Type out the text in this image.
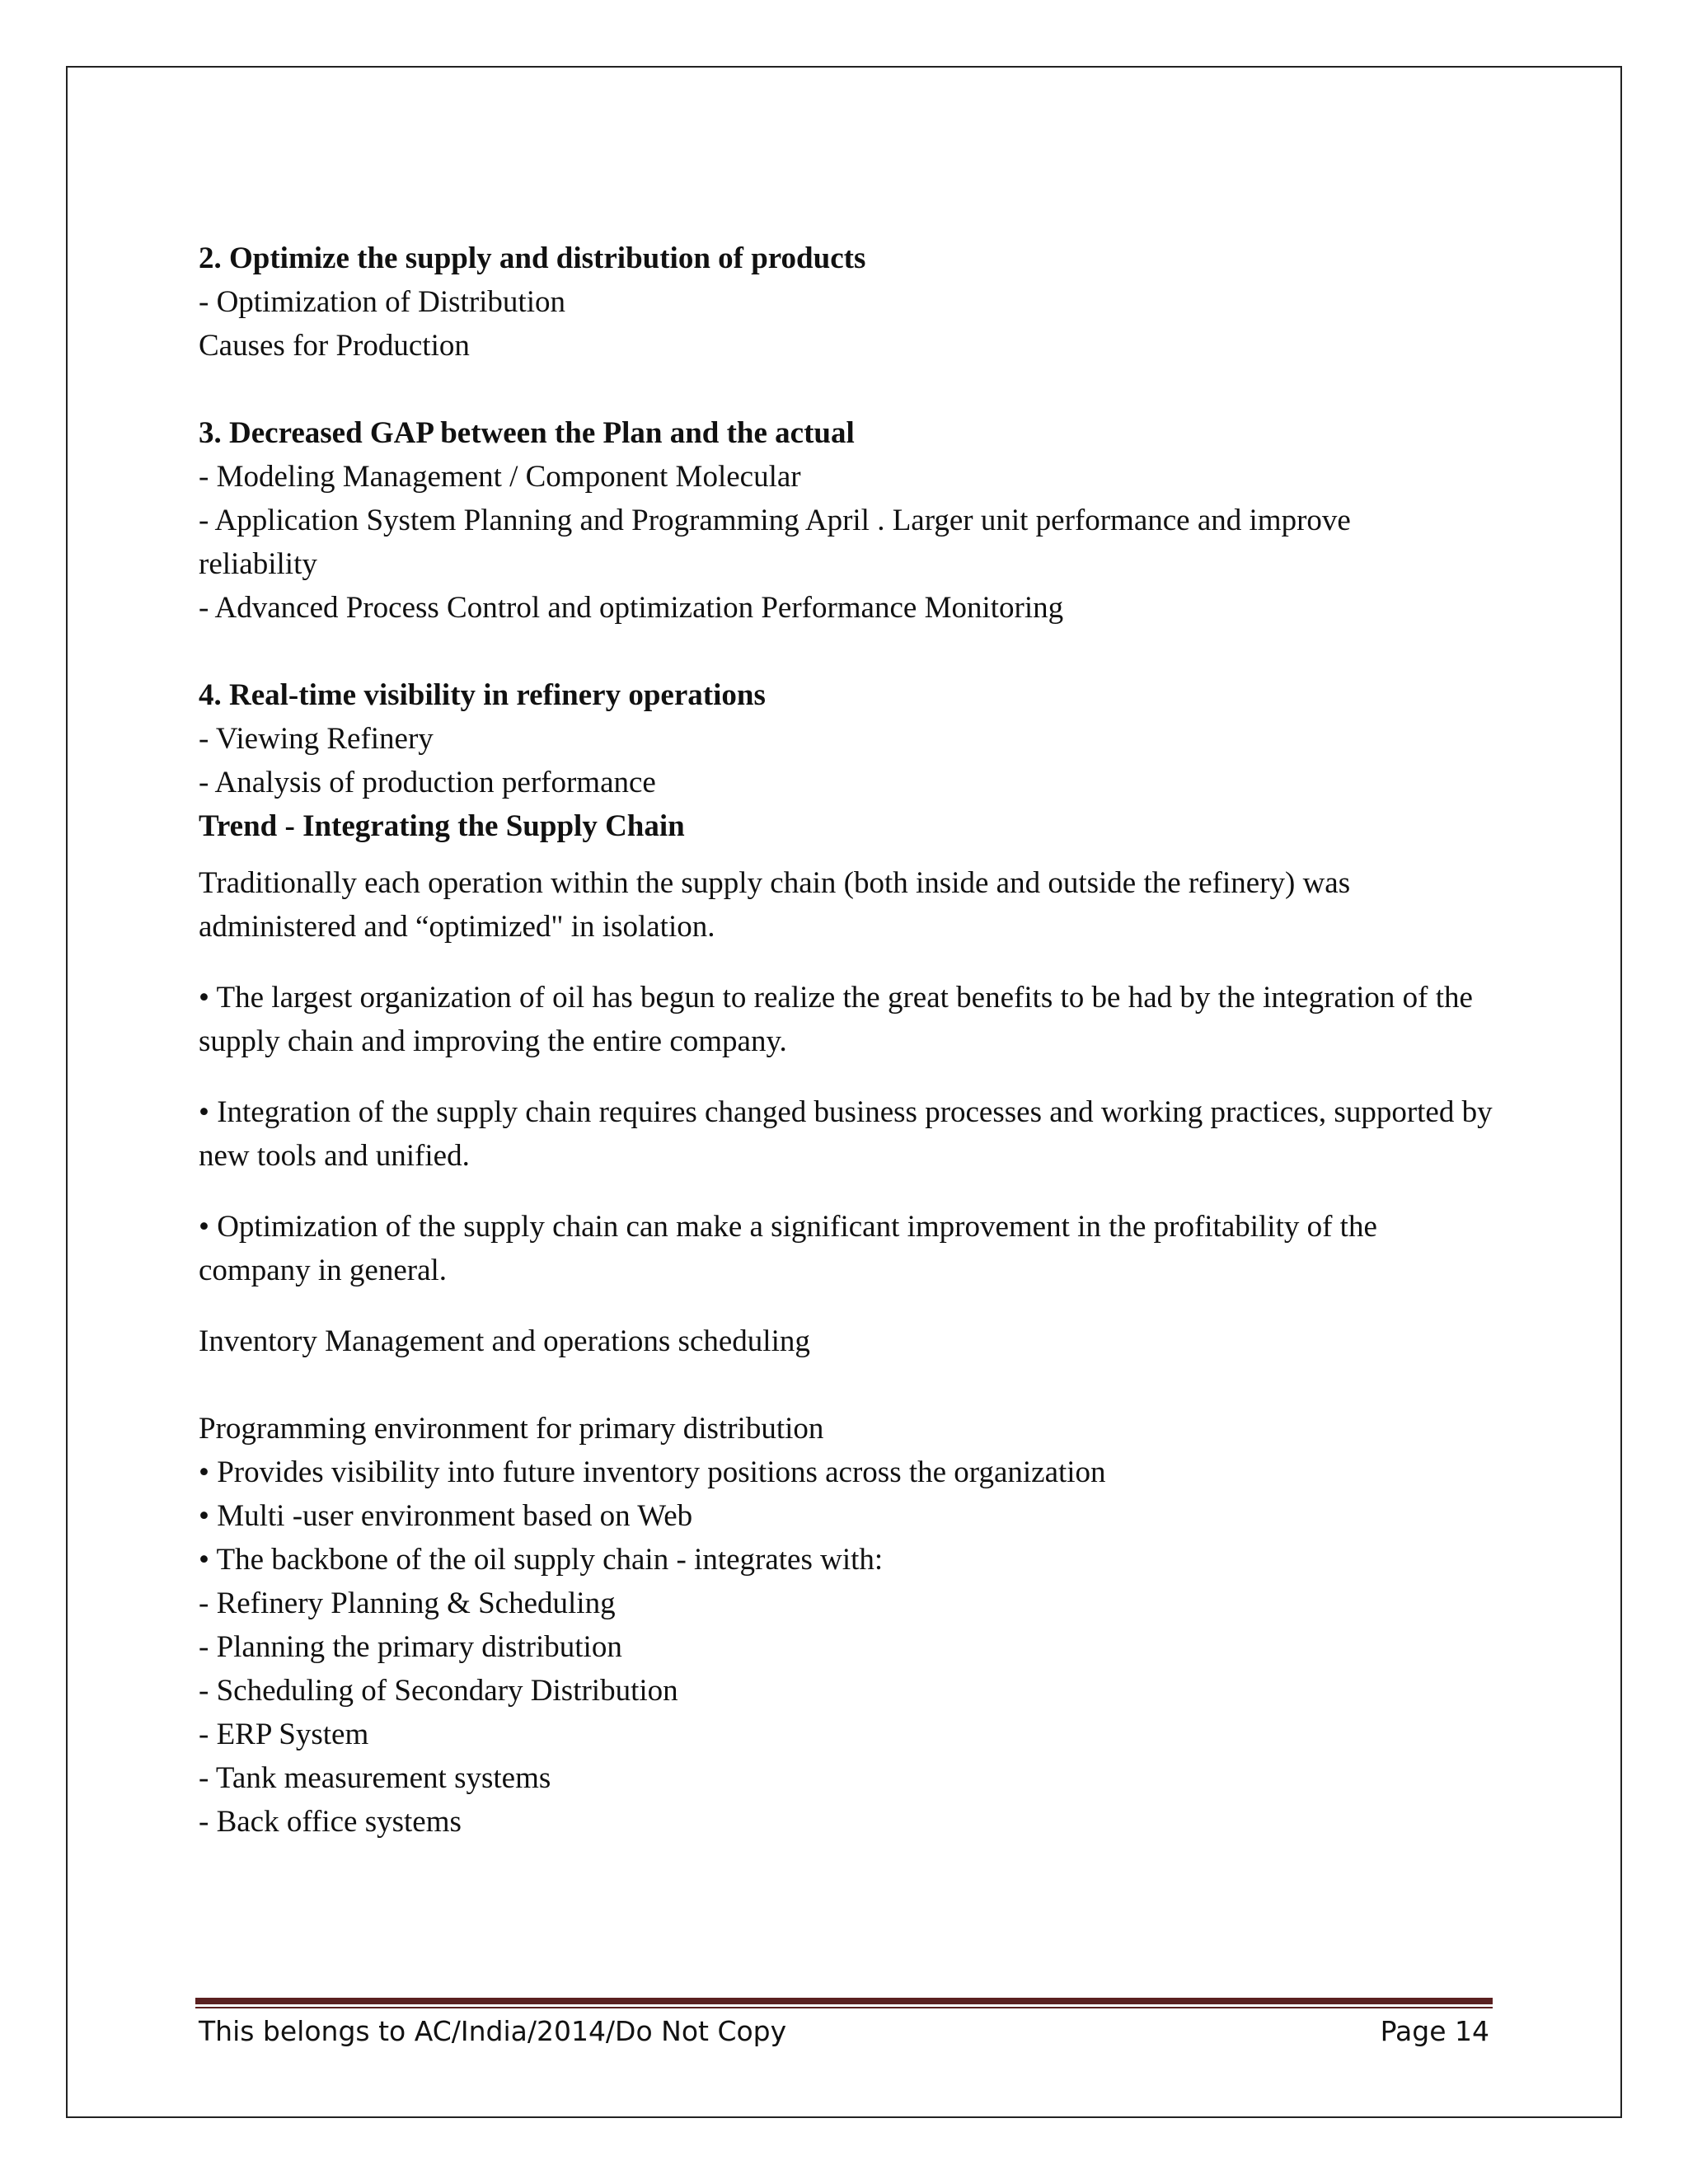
2. Optimize the supply and distribution of products
- Optimization of Distribution
Causes for Production
3. Decreased GAP between the Plan and the actual
- Modeling Management / Component Molecular
- Application System Planning and Programming April . Larger unit performance and improve
reliability
- Advanced Process Control and optimization Performance Monitoring
4. Real-time visibility in refinery operations
- Viewing Refinery
- Analysis of production performance
Trend - Integrating the Supply Chain
Traditionally each operation within the supply chain (both inside and outside the refinery) was administered and “optimized" in isolation.
• The largest organization of oil has begun to realize the great benefits to be had by the integration of the supply chain and improving the entire company.
• Integration of the supply chain requires changed business processes and working practices, supported by new tools and unified.
• Optimization of the supply chain can make a significant improvement in the profitability of the company in general.
Inventory Management and operations scheduling
Programming environment for primary distribution
• Provides visibility into future inventory positions across the organization
• Multi -user environment based on Web
• The backbone of the oil supply chain - integrates with:
- Refinery Planning & Scheduling
- Planning the primary distribution
- Scheduling of Secondary Distribution
- ERP System
- Tank measurement systems
- Back office systems
This belongs to AC/India/2014/Do Not Copy	Page 14
